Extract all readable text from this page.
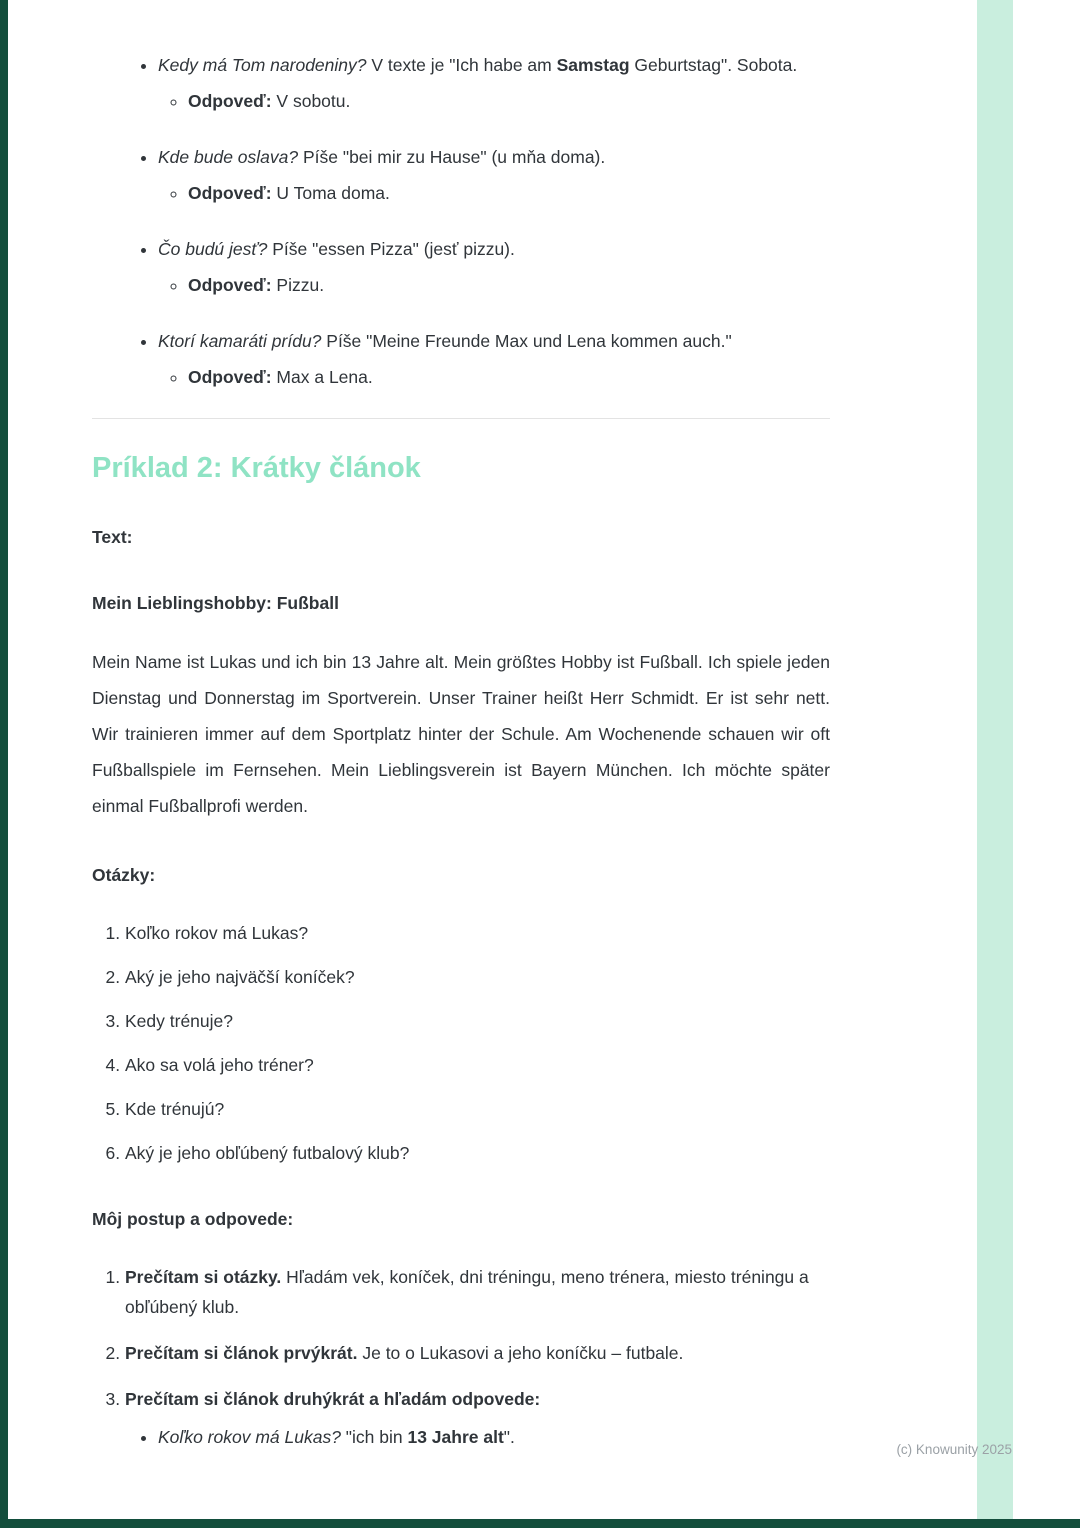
• Kedy má Tom narodeniny? V texte je "Ich habe am Samstag Geburtstag". Sobota.
◦ Odpoveď: V sobotu.
• Kde bude oslava? Píše "bei mir zu Hause" (u mňa doma).
◦ Odpoveď: U Toma doma.
• Čo budú jesť? Píše "essen Pizza" (jesť pizzu).
◦ Odpoveď: Pizzu.
• Ktorí kamaráti prídu? Píše "Meine Freunde Max und Lena kommen auch."
◦ Odpoveď: Max a Lena.
Príklad 2: Krátky článok

Text:

Mein Lieblingshobby: Fußball

Mein Name ist Lukas und ich bin 13 Jahre alt. Mein größtes Hobby ist Fußball. Ich spiele jeden Dienstag und Donnerstag im Sportverein. Unser Trainer heißt Herr Schmidt. Er ist sehr nett. Wir trainieren immer auf dem Sportplatz hinter der Schule. Am Wochenende schauen wir oft Fußballspiele im Fernsehen. Mein Lieblingsverein ist Bayern München. Ich möchte später einmal Fußballprofi werden.

Otázky:

1. Koľko rokov má Lukas?
2. Aký je jeho najväčší koníček?
3. Kedy trénuje?
4. Ako sa volá jeho tréner?
5. Kde trénujú?
6. Aký je jeho obľúbený futbalový klub?

Môj postup a odpovede:

1. Prečítam si otázky. Hľadám vek, koníček, dni tréningu, meno trénera, miesto tréningu a obľúbený klub.
2. Prečítam si článok prvýkrát. Je to o Lukasovi a jeho koníčku – futbale.
3. Prečítam si článok druhýkrát a hľadám odpovede:
• Koľko rokov má Lukas? "ich bin 13 Jahre alt".
(c) Knowunity 2025
